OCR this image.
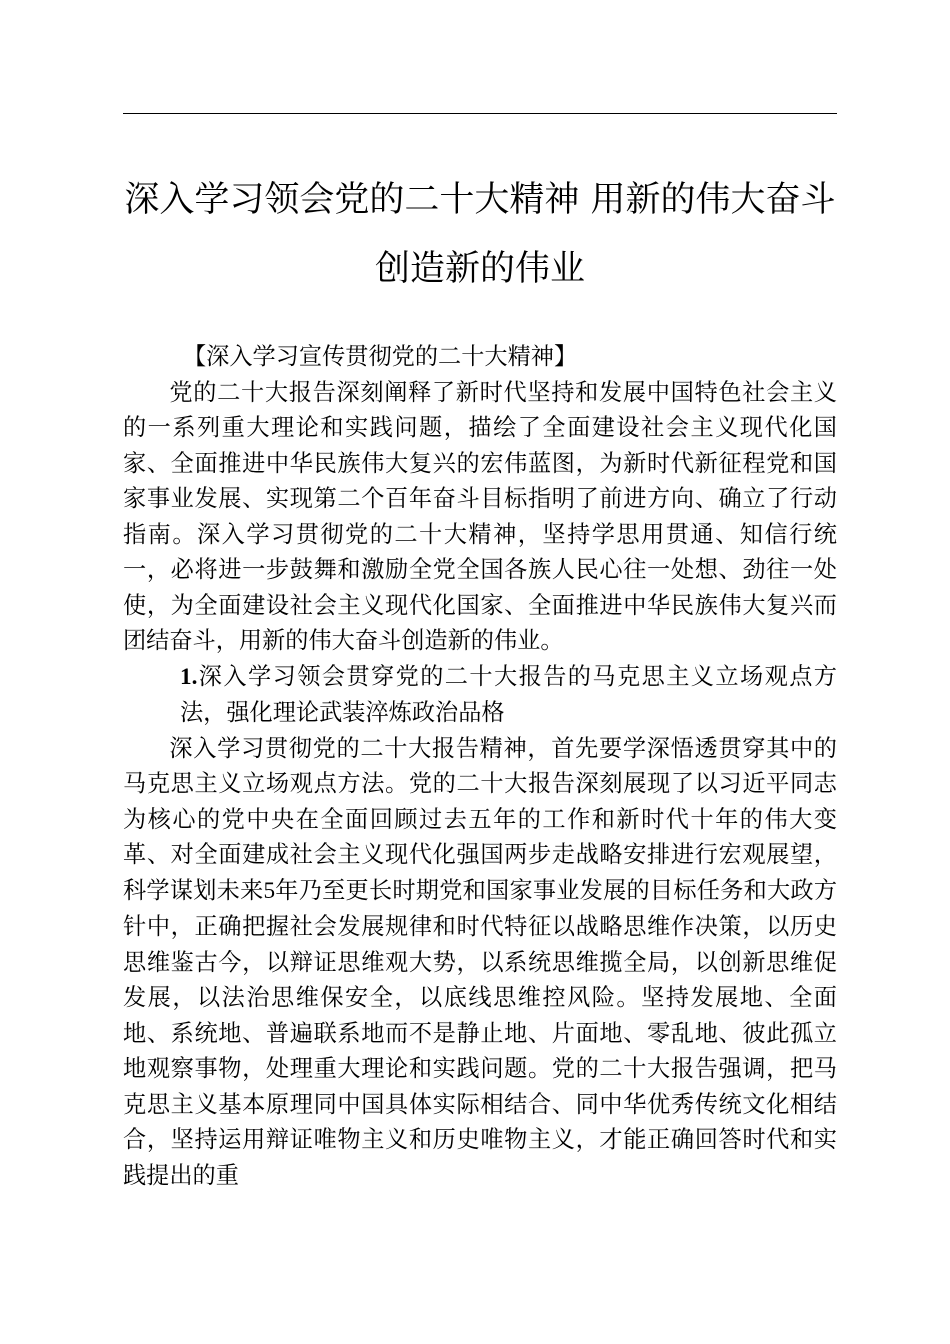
深入学习领会党的二十大精神 用新的伟大奋斗
创造新的伟业

【深入学习宣传贯彻党的二十大精神】

党的二十大报告深刻阐释了新时代坚持和发展中国特色社会主义的一系列重大理论和实践问题，描绘了全面建设社会主义现代化国家、全面推进中华民族伟大复兴的宏伟蓝图，为新时代新征程党和国家事业发展、实现第二个百年奋斗目标指明了前进方向、确立了行动指南。深入学习贯彻党的二十大精神，坚持学思用贯通、知信行统一，必将进一步鼓舞和激励全党全国各族人民心往一处想、劲往一处使，为全面建设社会主义现代化国家、全面推进中华民族伟大复兴而团结奋斗，用新的伟大奋斗创造新的伟业。

1.深入学习领会贯穿党的二十大报告的马克思主义立场观点方法，强化理论武装淬炼政治品格

深入学习贯彻党的二十大报告精神，首先要学深悟透贯穿其中的马克思主义立场观点方法。党的二十大报告深刻展现了以习近平同志为核心的党中央在全面回顾过去五年的工作和新时代十年的伟大变革、对全面建成社会主义现代化强国两步走战略安排进行宏观展望，科学谋划未来5年乃至更长时期党和国家事业发展的目标任务和大政方针中，正确把握社会发展规律和时代特征以战略思维作决策，以历史思维鉴古今，以辩证思维观大势，以系统思维揽全局，以创新思维促发展，以法治思维保安全，以底线思维控风险。坚持发展地、全面地、系统地、普遍联系地而不是静止地、片面地、零乱地、彼此孤立地观察事物，处理重大理论和实践问题。党的二十大报告强调，把马克思主义基本原理同中国具体实际相结合、同中华优秀传统文化相结合，坚持运用辩证唯物主义和历史唯物主义，才能正确回答时代和实践提出的重
